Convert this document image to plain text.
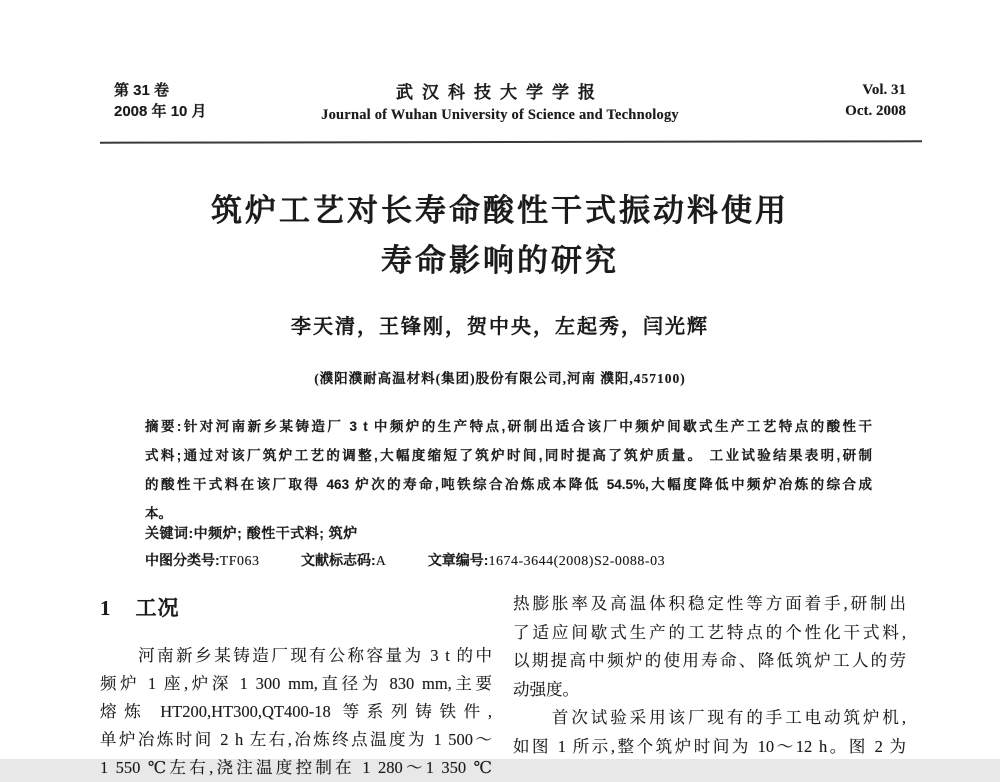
第 31 卷
2008 年 10 月
武汉科技大学学报
Journal of Wuhan University of Science and Technology
Vol. 31
Oct. 2008
筑炉工艺对长寿命酸性干式振动料使用
寿命影响的研究
李天清，王锋刚，贺中央，左起秀，闫光辉
(濮阳濮耐高温材料(集团)股份有限公司,河南 濮阳,457100)
摘要:针对河南新乡某铸造厂 3 t 中频炉的生产特点,研制出适合该厂中频炉间歇式生产工艺特点的酸性干
式料;通过对该厂筑炉工艺的调整,大幅度缩短了筑炉时间,同时提高了筑炉质量。 工业试验结果表明,研制
的酸性干式料在该厂取得 463 炉次的寿命,吨铁综合冶炼成本降低 54.5%,大幅度降低中频炉冶炼的综合成
本。
关键词:中频炉; 酸性干式料; 筑炉
中图分类号:TF063	文献标志码:A	文章编号:1674-3644(2008)S2-0088-03
1 工况
　　河南新乡某铸造厂现有公称容量为 3 t 的中
频炉 1 座,炉深 1 300 mm,直径为 830 mm,主要
熔炼 HT200,HT300,QT400-18 等系列铸铁件,
单炉冶炼时间 2 h 左右,冶炼终点温度为 1 500～
1 550 ℃左右,浇注温度控制在 1 280～1 350 ℃
热膨胀率及高温体积稳定性等方面着手,研制出
了适应间歇式生产的工艺特点的个性化干式料,
以期提高中频炉的使用寿命、降低筑炉工人的劳
动强度。
　　首次试验采用该厂现有的手工电动筑炉机,
如图 1 所示,整个筑炉时间为 10～12 h。图 2 为
